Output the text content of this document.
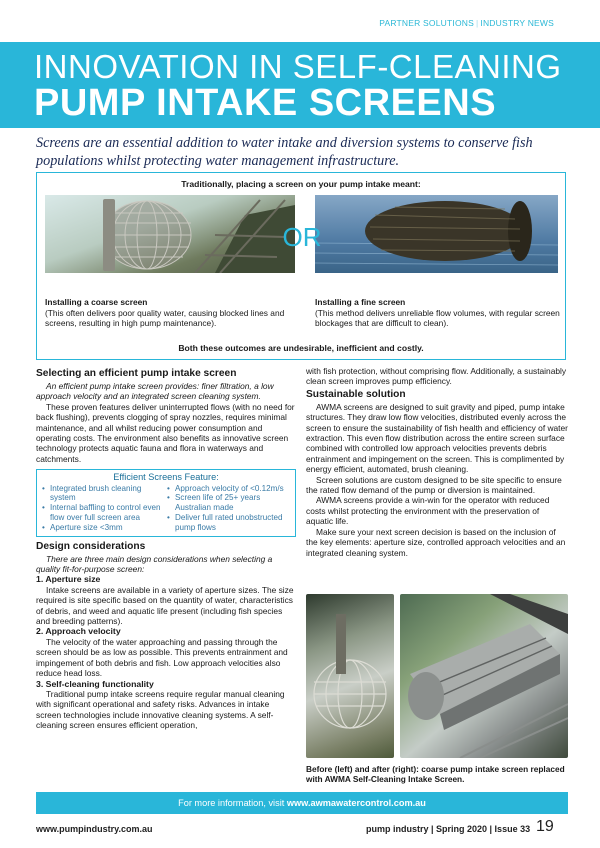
PARTNER SOLUTIONS | INDUSTRY NEWS
INNOVATION IN SELF-CLEANING
PUMP INTAKE SCREENS
Screens are an essential addition to water intake and diversion systems to conserve fish populations whilst protecting water management infrastructure.
Traditionally, placing a screen on your pump intake meant:
OR
Installing a coarse screen
(This often delivers poor quality water, causing blocked lines and screens, resulting in high pump maintenance).
Installing a fine screen
(This method delivers unreliable flow volumes, with regular screen blockages that are difficult to clean).
Both these outcomes are undesirable, inefficient and costly.
Selecting an efficient pump intake screen

An efficient pump intake screen provides: finer filtration, a low approach velocity and an integrated screen cleaning system.

These proven features deliver uninterrupted flows (with no need for back flushing), prevents clogging of spray nozzles, requires minimal maintenance, and all whilst reducing power consumption and operating costs. The environment also benefits as innovative screen technology protects aquatic fauna and flora in waterways and catchments.

Efficient Screens Feature:
• Integrated brush cleaning system
• Internal baffling to control even flow over full screen area
• Aperture size <3mm
• Approach velocity of <0.12m/s
• Screen life of 25+ years Australian made
• Deliver full rated unobstructed pump flows
Design considerations

There are three main design considerations when selecting a quality fit-for-purpose screen:

1. Aperture size

Intake screens are available in a variety of aperture sizes. The size required is site specific based on the quantity of water, characteristics of debris, and weed and aquatic life present (including fish species and breeding patterns).

2. Approach velocity

The velocity of the water approaching and passing through the screen should be as low as possible. This prevents entrainment and impingement of both debris and fish. Low approach velocities also reduce head loss.

3. Self-cleaning functionality

Traditional pump intake screens require regular manual cleaning with significant operational and safety risks. Advances in intake screen technologies include innovative cleaning systems. A self-cleaning screen ensures efficient operation,

with fish protection, without comprising flow. Additionally, a sustainably clean screen improves pump efficiency.

Sustainable solution

AWMA screens are designed to suit gravity and piped, pump intake structures. They draw low flow velocities, distributed evenly across the screen to ensure the sustainability of fish health and efficiency of water extraction. This even flow distribution across the entire screen surface combined with controlled low approach velocities prevents debris entrainment and impingement on the screen. This is complimented by energy efficient, automated, brush cleaning.

Screen solutions are custom designed to be site specific to ensure the rated flow demand of the pump or diversion is maintained.

AWMA screens provide a win-win for the operator with reduced costs whilst protecting the environment with the preservation of aquatic life.

Make sure your next screen decision is based on the inclusion of the key elements: aperture size, controlled approach velocities and an integrated cleaning system.

Before (left) and after (right): coarse pump intake screen replaced with AWMA Self-Cleaning Intake Screen.
For more information, visit www.awmawatercontrol.com.au
www.pumpindustry.com.au	pump industry | Spring 2020 | Issue 33 19
